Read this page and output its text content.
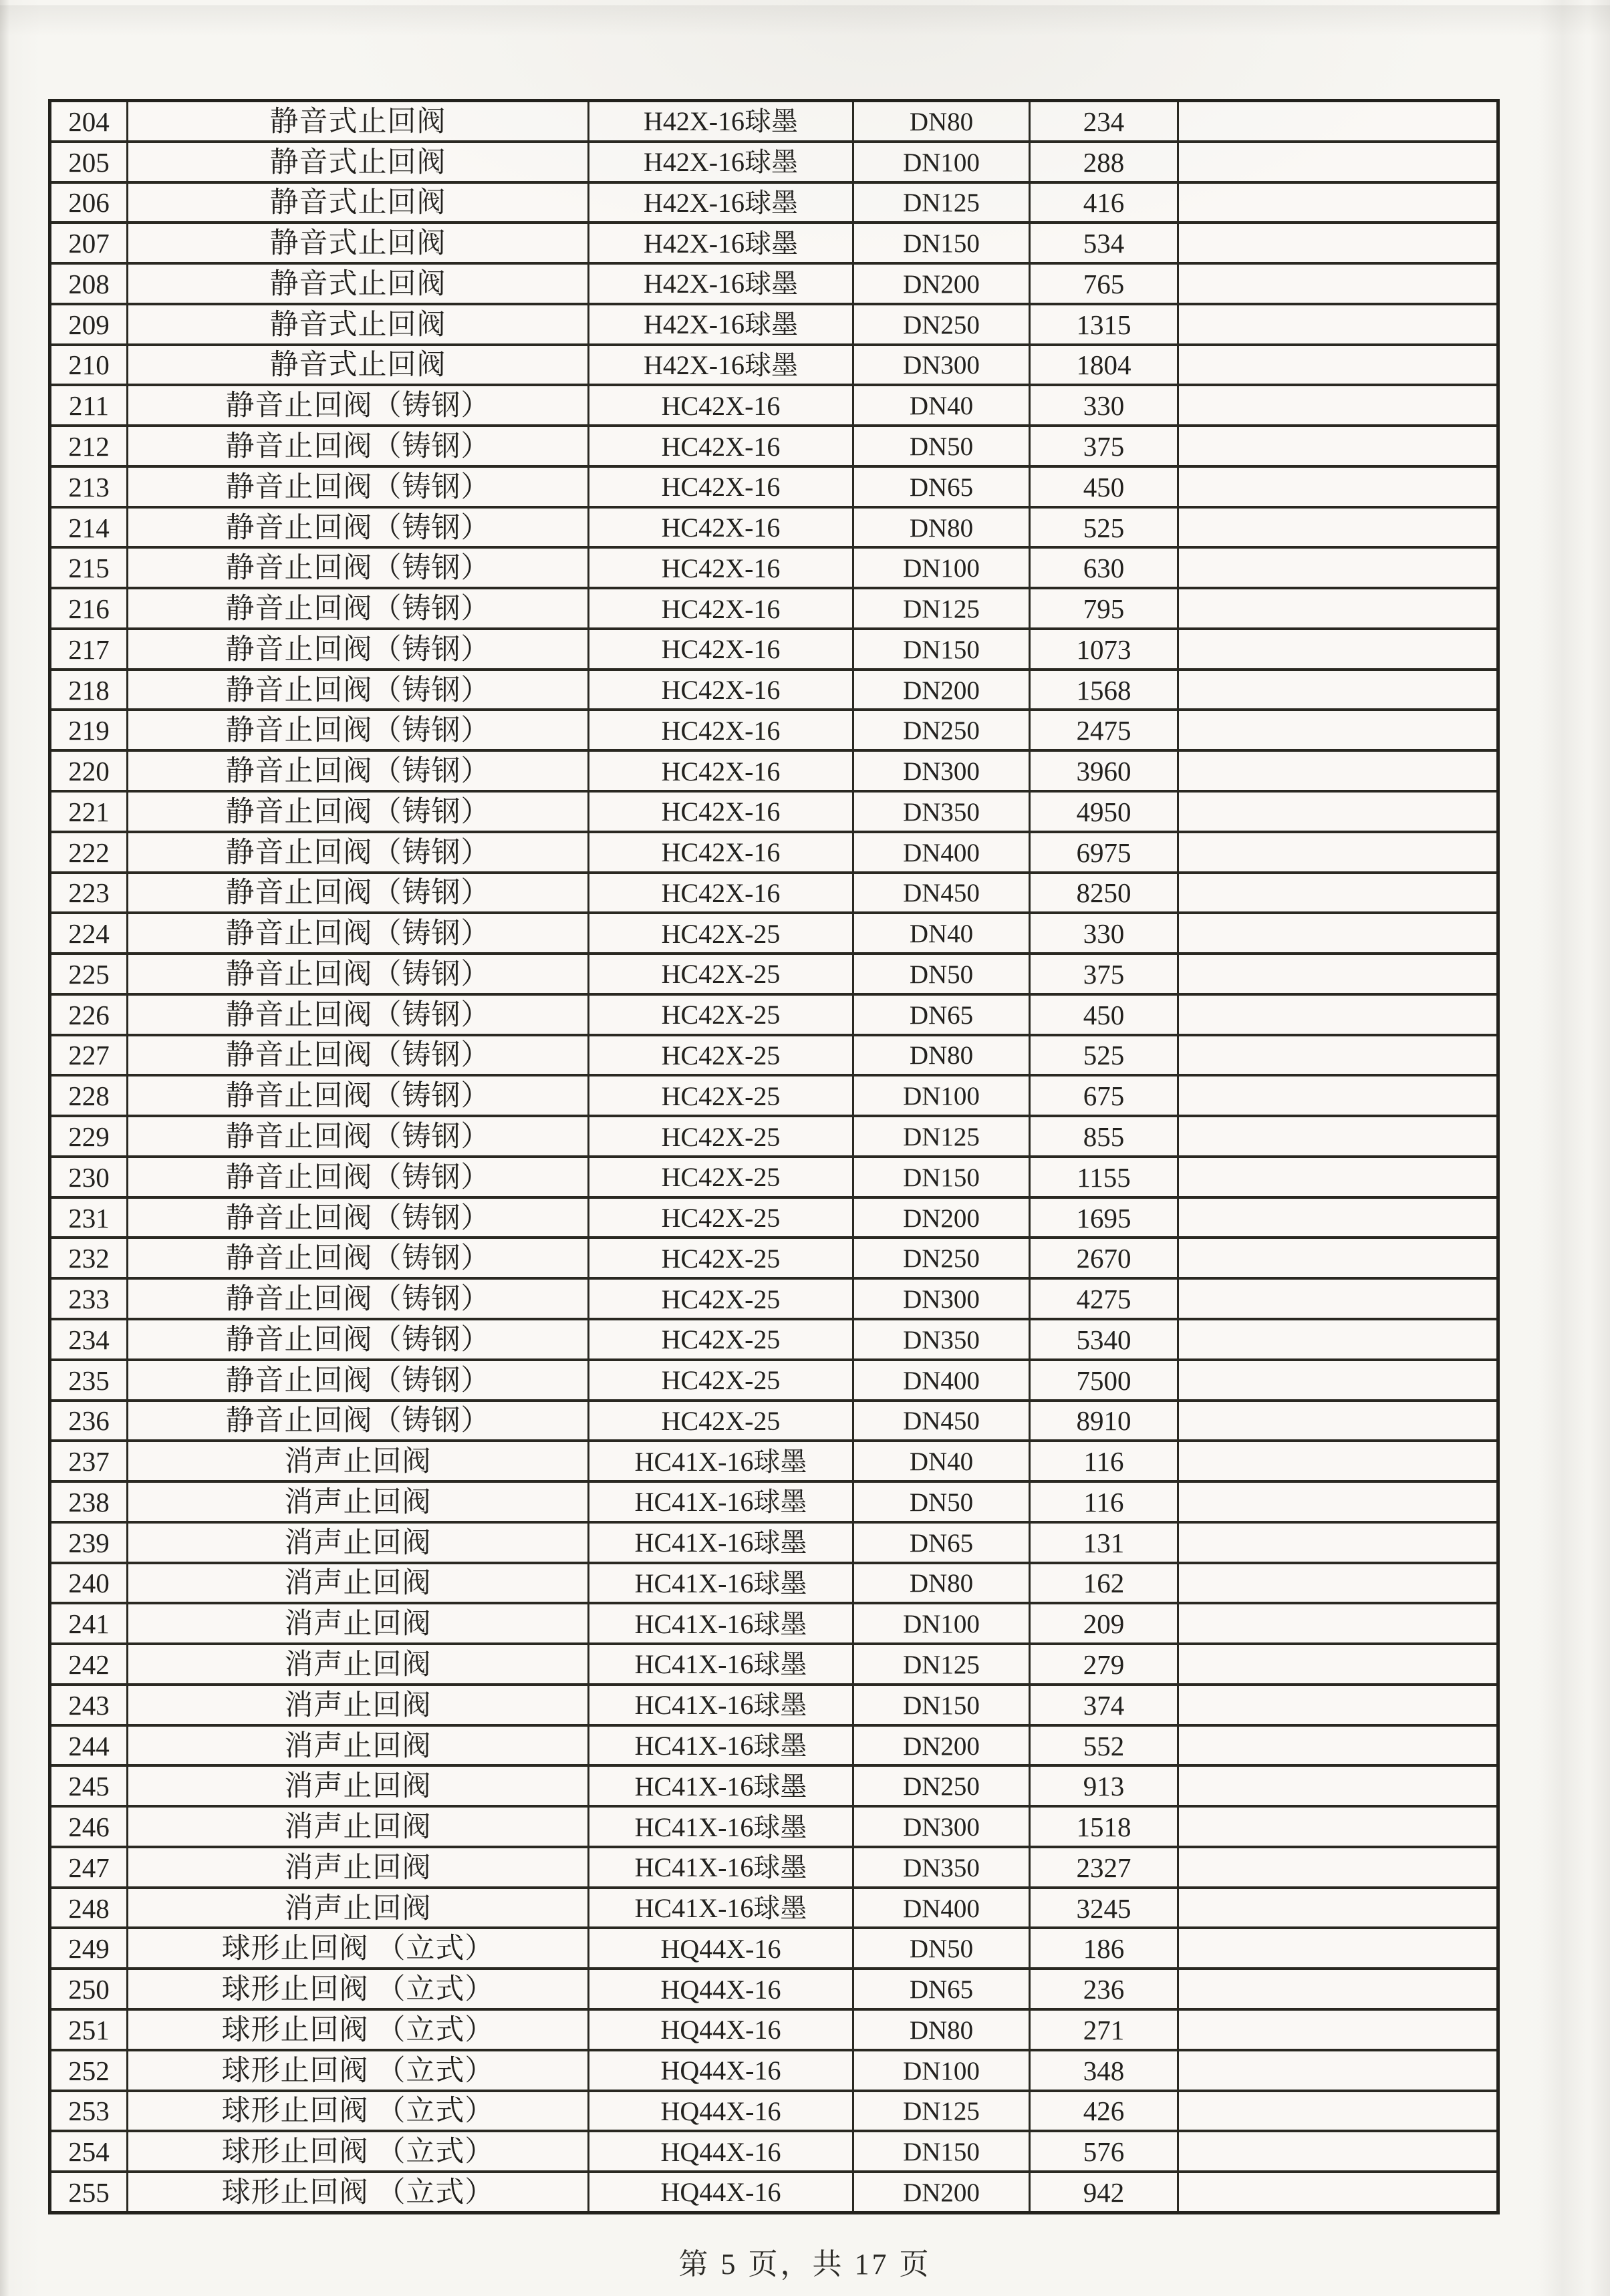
204	静音式止回阀	H42X-16球墨	DN80	234
205	静音式止回阀	H42X-16球墨	DN100	288
206	静音式止回阀	H42X-16球墨	DN125	416
207	静音式止回阀	H42X-16球墨	DN150	534
208	静音式止回阀	H42X-16球墨	DN200	765
209	静音式止回阀	H42X-16球墨	DN250	1315
210	静音式止回阀	H42X-16球墨	DN300	1804
211	静音止回阀（铸钢）	HC42X-16	DN40	330
212	静音止回阀（铸钢）	HC42X-16	DN50	375
213	静音止回阀（铸钢）	HC42X-16	DN65	450
214	静音止回阀（铸钢）	HC42X-16	DN80	525
215	静音止回阀（铸钢）	HC42X-16	DN100	630
216	静音止回阀（铸钢）	HC42X-16	DN125	795
217	静音止回阀（铸钢）	HC42X-16	DN150	1073
218	静音止回阀（铸钢）	HC42X-16	DN200	1568
219	静音止回阀（铸钢）	HC42X-16	DN250	2475
220	静音止回阀（铸钢）	HC42X-16	DN300	3960
221	静音止回阀（铸钢）	HC42X-16	DN350	4950
222	静音止回阀（铸钢）	HC42X-16	DN400	6975
223	静音止回阀（铸钢）	HC42X-16	DN450	8250
224	静音止回阀（铸钢）	HC42X-25	DN40	330
225	静音止回阀（铸钢）	HC42X-25	DN50	375
226	静音止回阀（铸钢）	HC42X-25	DN65	450
227	静音止回阀（铸钢）	HC42X-25	DN80	525
228	静音止回阀（铸钢）	HC42X-25	DN100	675
229	静音止回阀（铸钢）	HC42X-25	DN125	855
230	静音止回阀（铸钢）	HC42X-25	DN150	1155
231	静音止回阀（铸钢）	HC42X-25	DN200	1695
232	静音止回阀（铸钢）	HC42X-25	DN250	2670
233	静音止回阀（铸钢）	HC42X-25	DN300	4275
234	静音止回阀（铸钢）	HC42X-25	DN350	5340
235	静音止回阀（铸钢）	HC42X-25	DN400	7500
236	静音止回阀（铸钢）	HC42X-25	DN450	8910
237	消声止回阀	HC41X-16球墨	DN40	116
238	消声止回阀	HC41X-16球墨	DN50	116
239	消声止回阀	HC41X-16球墨	DN65	131
240	消声止回阀	HC41X-16球墨	DN80	162
241	消声止回阀	HC41X-16球墨	DN100	209
242	消声止回阀	HC41X-16球墨	DN125	279
243	消声止回阀	HC41X-16球墨	DN150	374
244	消声止回阀	HC41X-16球墨	DN200	552
245	消声止回阀	HC41X-16球墨	DN250	913
246	消声止回阀	HC41X-16球墨	DN300	1518
247	消声止回阀	HC41X-16球墨	DN350	2327
248	消声止回阀	HC41X-16球墨	DN400	3245
249	球形止回阀 （立式）	HQ44X-16	DN50	186
250	球形止回阀 （立式）	HQ44X-16	DN65	236
251	球形止回阀 （立式）	HQ44X-16	DN80	271
252	球形止回阀 （立式）	HQ44X-16	DN100	348
253	球形止回阀 （立式）	HQ44X-16	DN125	426
254	球形止回阀 （立式）	HQ44X-16	DN150	576
255	球形止回阀 （立式）	HQ44X-16	DN200	942
第 5 页，共 17 页
